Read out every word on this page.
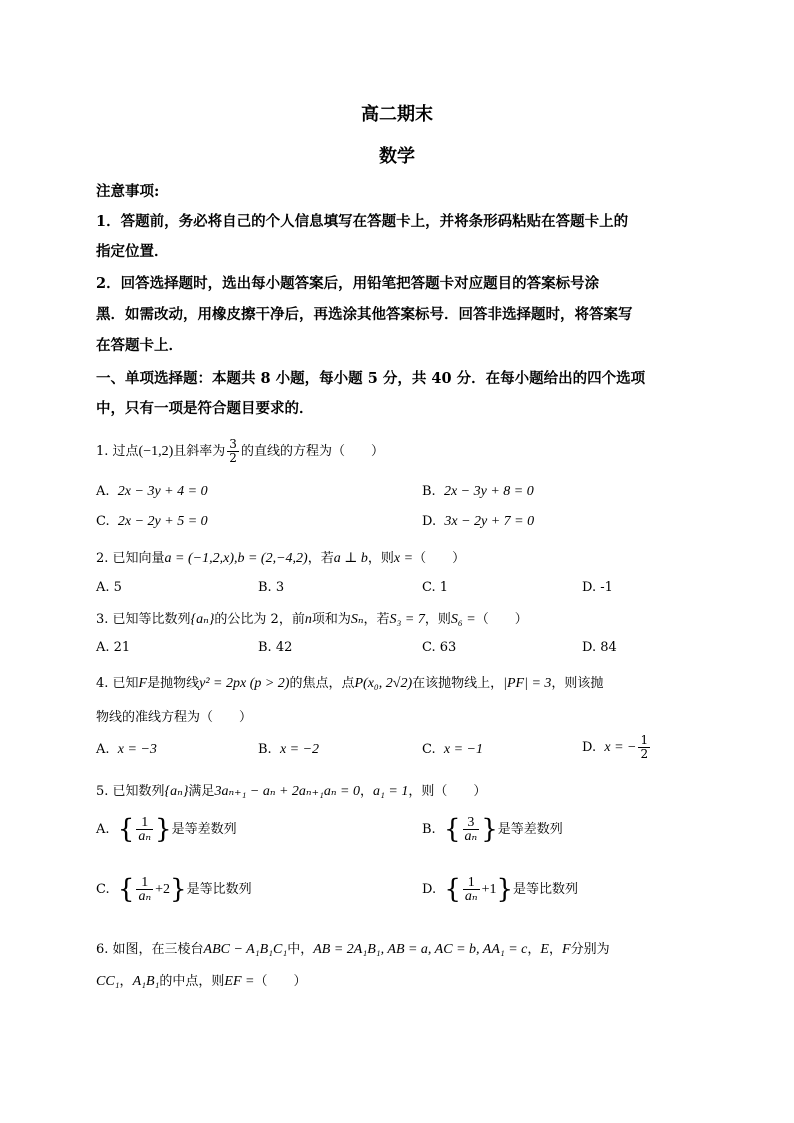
高二期末
数学
注意事项:
1．答题前，务必将自己的个人信息填写在答题卡上，并将条形码粘贴在答题卡上的
指定位置．
2．回答选择题时，选出每小题答案后，用铅笔把答题卡对应题目的答案标号涂
黑．如需改动，用橡皮擦干净后，再选涂其他答案标号．回答非选择题时，将答案写
在答题卡上．
一、单项选择题：本题共 8 小题，每小题 5 分，共 40 分．在每小题给出的四个选项
中，只有一项是符合题目要求的．
1. 过点(−1,2)且斜率为 $\frac{3}{2}$ 的直线的方程为（　　）
A. 2x − 3y + 4 = 0	B. 2x − 3y + 8 = 0
C. 2x − 2y + 5 = 0	D. 3x − 2y + 7 = 0
2. 已知向量a = (−1,2,x),b = (2,−4,2)，若a ⊥ b，则x =（　　）
A. 5	B. 3	C. 1	D. -1
3. 已知等比数列{aₙ}的公比为 2，前n项和为Sₙ，若S₃ = 7，则S₆ =（　　）
A. 21	B. 42	C. 63	D. 84
4. 已知F是抛物线y² = 2px (p > 2)的焦点，点P(x₀, 2√2)在该抛物线上，|PF| = 3，则该抛
物线的准线方程为（　　）
A. x = −3	B. x = −2	C. x = −1	D. x = − $\frac{1}{2}$
5. 已知数列{aₙ}满足3aₙ₊₁ − aₙ + 2aₙ₊₁aₙ = 0，a₁ = 1，则（　　）
A. { $\frac{1}{\text{aₙ}}$ }是等差数列	B. { $\frac{3}{\text{aₙ}}$ }是等差数列
C. { $\frac{1}{\text{aₙ}} +2$}是等比数列	D. { $\frac{1}{\text{aₙ}} +1$}是等比数列
6. 如图，在三棱台ABC − A₁B₁C₁中，AB = 2A₁B₁, AB = a, AC = b, AA₁ = c，E，F分别为
CC₁，A₁B₁的中点，则EF =（　　）
